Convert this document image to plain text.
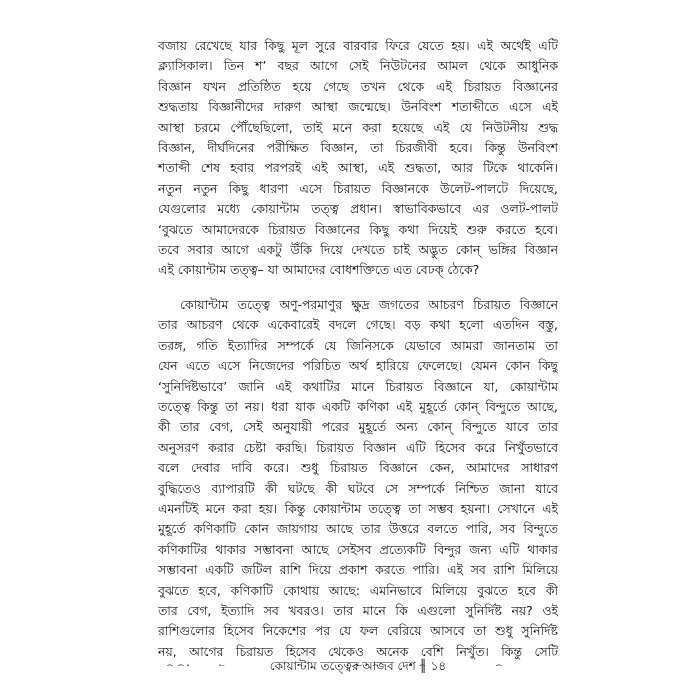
বজায় রেখেছে যার কিছু মূল সুরে বারবার ফিরে যেতে হয়। এই অর্থেই এটি
ক্ল্যাসিকাল। তিন শ’ বছর আগে সেই নিউটনের আমল থেকে আধুনিক
বিজ্ঞান যখন প্রতিষ্ঠিত হয়ে গেছে তখন থেকে এই চিরায়ত বিজ্ঞানের
শুদ্ধতায় বিজ্ঞানীদের দারুণ আস্থা জন্মেছে। উনবিংশ শতাব্দীতে এসে এই
আস্থা চরমে পৌঁছেছিলো, তাই মনে করা হয়েছে এই যে নিউটনীয় শুদ্ধ
বিজ্ঞান, দীর্ঘদিনের পরীক্ষিত বিজ্ঞান, তা চিরজীবী হবে। কিন্তু উনবিংশ
শতাব্দী শেষ হবার পরপরই এই আস্থা, এই শুদ্ধতা, আর টিকে থাকেনি।
নতুন নতুন কিছু ধারণা এসে চিরায়ত বিজ্ঞানকে উলেট-পালটে দিয়েছে,
যেগুলোর মধ্যে কোয়ান্টাম তত্ত্ব প্রধান। স্বাভাবিকভাবে এর ওলট-পালট
‘বুঝতে আমাদেরকে চিরায়ত বিজ্ঞানের কিছু কথা দিয়েই শুরু করতে হবে।
তবে সবার আগে একটু উঁকি দিয়ে দেখতে চাই অদ্ভুত কোন্ ভঙ্গির বিজ্ঞান
এই কোয়ান্টাম তত্ত্ব– যা আমাদের বোধশক্তিতে এত বেঢক্ ঠেকে?
কোয়ান্টাম তত্ত্বে অণু-পরমাণুর ক্ষুদ্র জগতের আচরণ চিরায়ত বিজ্ঞানে
তার আচরণ থেকে একেবারেই বদলে গেছে। বড় কথা হলো এতদিন বস্তু,
তরঙ্গ, গতি ইত্যাদির সম্পর্কে যে জিনিসকে যেভাবে আমরা জানতাম তা
যেন এতে এসে নিজেদের পরিচিত অর্থ হারিয়ে ফেলেছে। যেমন কোন কিছু
‘সুনির্দিষ্টভাবে’ জানি এই কথাটির মানে চিরায়ত বিজ্ঞানে যা, কোয়ান্টাম
তত্ত্বে কিন্তু তা নয়। ধরা যাক একটি কণিকা এই মুহূর্তে কোন্ বিন্দুতে আছে,
কী তার বেগ, সেই অনুযায়ী পরের মুহূর্তে অন্য কোন্ বিন্দুতে যাবে তার
অনুসরণ করার চেষ্টা করছি। চিরায়ত বিজ্ঞান এটি হিসেব করে নিখুঁতভাবে
বলে দেবার দাবি করে। শুধু চিরায়ত বিজ্ঞানে কেন, আমাদের সাধারণ
বুদ্ধিতেও ব্যাপারটি কী ঘটছে কী ঘটবে সে সম্পর্কে নিশ্চিত জানা যাবে
এমনটিই মনে করা হয়। কিন্তু কোয়ান্টাম তত্ত্বে তা সম্ভব হয়না। সেখানে এই
মুহূর্তে কণিকাটি কোন জায়গায় আছে তার উত্তরে বলতে পারি, সব বিন্দুতে
কণিকাটির থাকার সম্ভাবনা আছে সেইসব প্রত্যেকটি বিন্দুর জন্য এটি থাকার
সম্ভাবনা একটি জটিল রাশি দিয়ে প্রকাশ করতে পারি। এই সব রাশি মিলিয়ে
বুঝতে হবে, কণিকাটি কোথায় আছে: এমনিভাবে মিলিয়ে বুঝতে হবে কী
তার বেগ, ইত্যাদি সব খবরও। তার মানে কি এগুলো সুনির্দিষ্ট নয়? ওই
রাশিগুলোর হিসেব নিকেশের পর যে ফল বেরিয়ে আসবে তা শুধু সুনির্দিষ্ট
নয়, আগের চিরায়ত হিসেব থেকেও অনেক বেশি নিখুঁত। কিন্তু সেটি
কোয়ান্টাম তত্ত্বের আজব দেশ ║ ১৪
